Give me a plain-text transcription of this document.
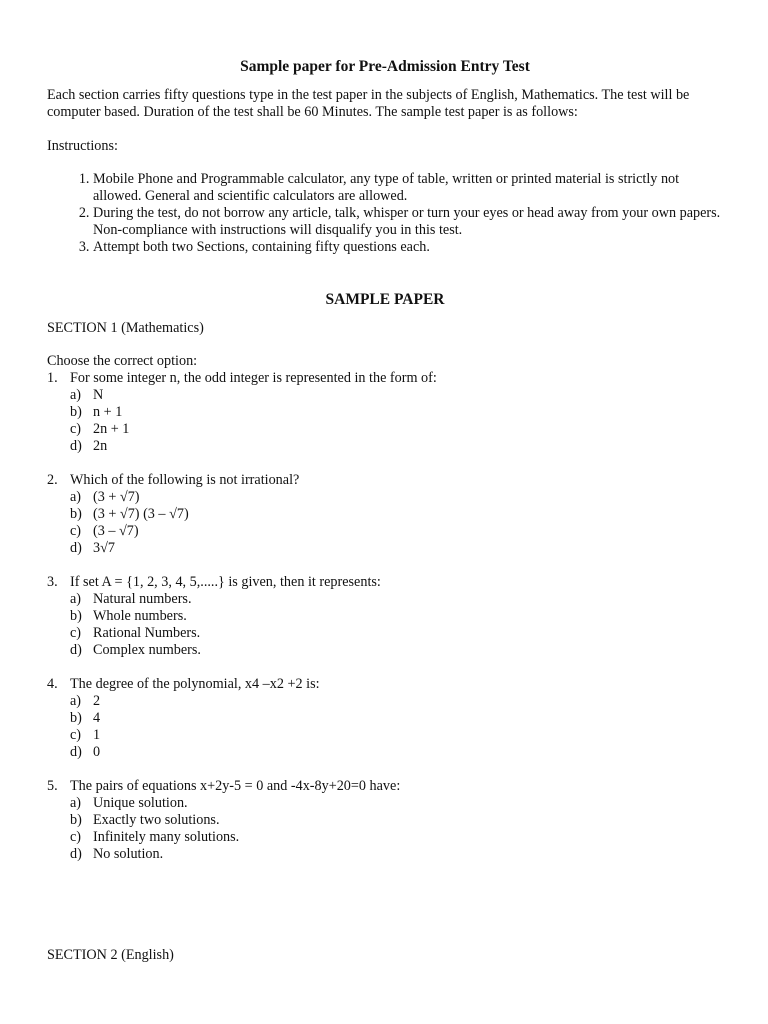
Sample paper for Pre-Admission Entry Test
Each section carries fifty questions type in the test paper in the subjects of English, Mathematics. The test will be computer based. Duration of the test shall be 60 Minutes. The sample test paper is as follows:
Instructions:
1. Mobile Phone and Programmable calculator, any type of table, written or printed material is strictly not allowed. General and scientific calculators are allowed.
2. During the test, do not borrow any article, talk, whisper or turn your eyes or head away from your own papers. Non-compliance with instructions will disqualify you in this test.
3. Attempt both two Sections, containing fifty questions each.
SAMPLE PAPER
SECTION 1 (Mathematics)
Choose the correct option:
1. For some integer n, the odd integer is represented in the form of:
a) N
b) n + 1
c) 2n + 1
d) 2n
2. Which of the following is not irrational?
a) (3 + √7)
b) (3 + √7) (3 – √7)
c) (3 – √7)
d) 3√7
3. If set A = {1, 2, 3, 4, 5,.....} is given, then it represents:
a) Natural numbers.
b) Whole numbers.
c) Rational Numbers.
d) Complex numbers.
4. The degree of the polynomial, x4 –x2 +2 is:
a) 2
b) 4
c) 1
d) 0
5. The pairs of equations x+2y-5 = 0 and -4x-8y+20=0 have:
a) Unique solution.
b) Exactly two solutions.
c) Infinitely many solutions.
d) No solution.
SECTION 2 (English)
